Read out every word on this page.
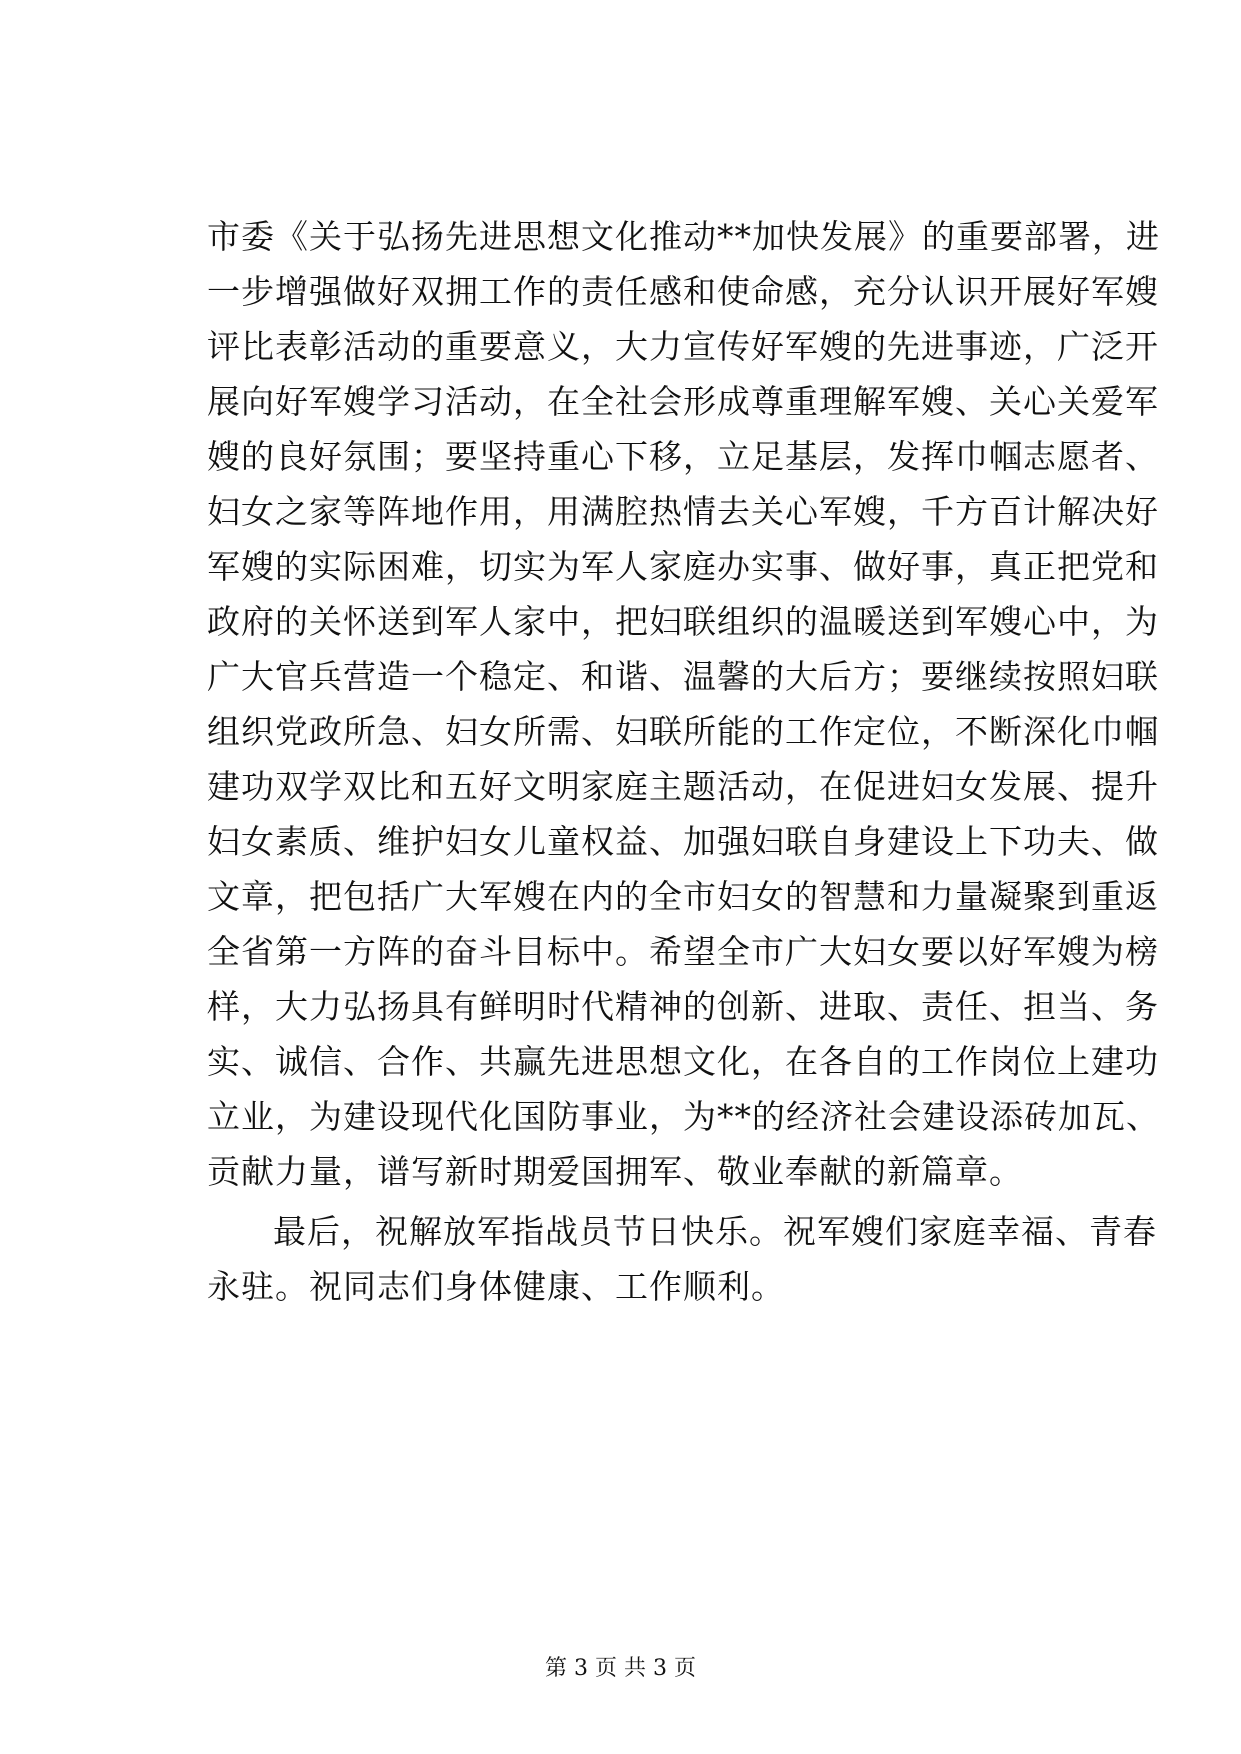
市委《关于弘扬先进思想文化推动**加快发展》的重要部署，进
一步增强做好双拥工作的责任感和使命感，充分认识开展好军嫂
评比表彰活动的重要意义，大力宣传好军嫂的先进事迹，广泛开
展向好军嫂学习活动，在全社会形成尊重理解军嫂、关心关爱军
嫂的良好氛围；要坚持重心下移，立足基层，发挥巾帼志愿者、
妇女之家等阵地作用，用满腔热情去关心军嫂，千方百计解决好
军嫂的实际困难，切实为军人家庭办实事、做好事，真正把党和
政府的关怀送到军人家中，把妇联组织的温暖送到军嫂心中，为
广大官兵营造一个稳定、和谐、温馨的大后方；要继续按照妇联
组织党政所急、妇女所需、妇联所能的工作定位，不断深化巾帼
建功双学双比和五好文明家庭主题活动，在促进妇女发展、提升
妇女素质、维护妇女儿童权益、加强妇联自身建设上下功夫、做
文章，把包括广大军嫂在内的全市妇女的智慧和力量凝聚到重返
全省第一方阵的奋斗目标中。希望全市广大妇女要以好军嫂为榜
样，大力弘扬具有鲜明时代精神的创新、进取、责任、担当、务
实、诚信、合作、共赢先进思想文化，在各自的工作岗位上建功
立业，为建设现代化国防事业，为**的经济社会建设添砖加瓦、
贡献力量，谱写新时期爱国拥军、敬业奉献的新篇章。
最后，祝解放军指战员节日快乐。祝军嫂们家庭幸福、青春
永驻。祝同志们身体健康、工作顺利。
第 3 页 共 3 页
